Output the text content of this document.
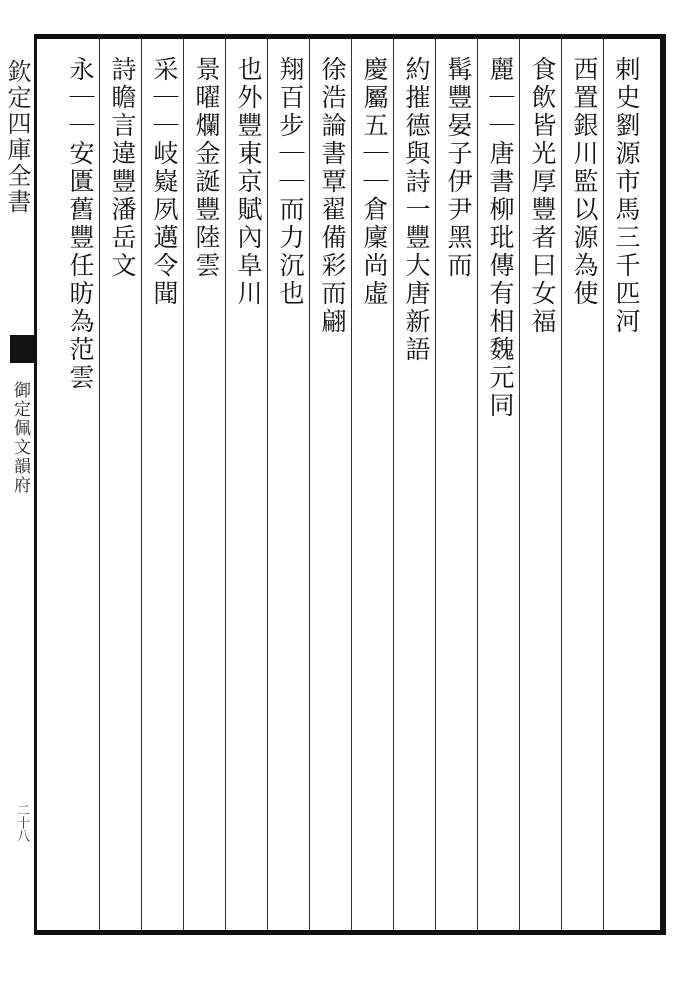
欽定四庫全書
御定佩文韻府
二十八
剌史劉源市馬三千匹河
西置銀川監以源為使
食飲皆光厚豐者曰女福
麗｜｜唐書柳玭傳有相魏元同
髯豐晏子伊尹黑而
約摧德與詩一豐大唐新語
慶屬五｜｜倉廩尚虛
徐浩論書覃翟備彩而翩
翔百步｜｜而力沉也
也外豐東京賦內阜川
景曜爛金誕豐陸雲
采｜｜岐嶷夙邁令聞
詩瞻言違豐潘岳文
永｜｜安匱舊豐任昉為范雲
